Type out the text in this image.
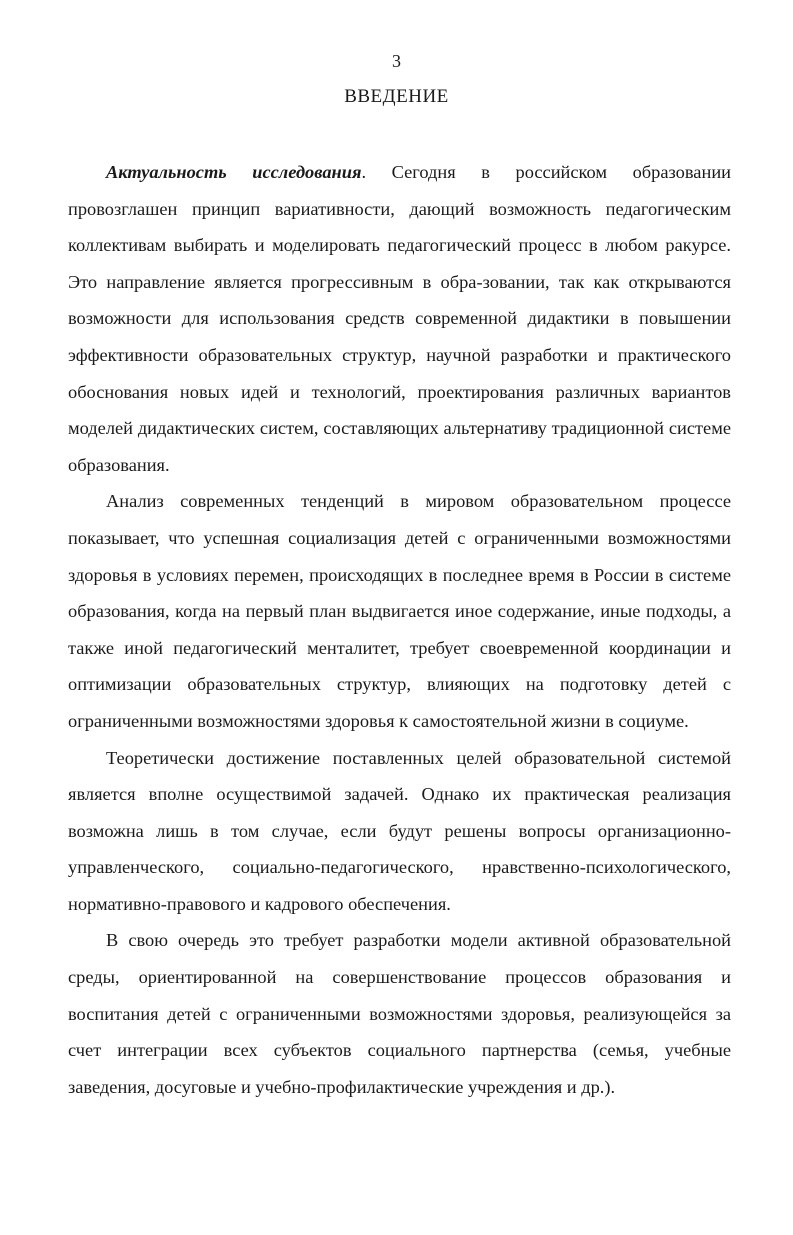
3
ВВЕДЕНИЕ

Актуальность исследования. Сегодня в российском образовании провозглашен принцип вариативности, дающий возможность педагогическим коллективам выбирать и моделировать педагогический процесс в любом ракурсе. Это направление является прогрессивным в обра-зовании, так как открываются возможности для использования средств современной дидактики в повышении эффективности образовательных структур, научной разработки и практического обоснования новых идей и технологий, проектирования различных вариантов моделей дидактических систем, составляющих альтернативу традиционной системе образования.

Анализ современных тенденций в мировом образовательном процессе показывает, что успешная социализация детей с ограниченными возможностями здоровья в условиях перемен, происходящих в последнее время в России в системе образования, когда на первый план выдвигается иное содержание, иные подходы, а также иной педагогический менталитет, требует своевременной координации и оптимизации образовательных структур, влияющих на подготовку детей с ограниченными возможностями здоровья к самостоятельной жизни в социуме.

Теоретически достижение поставленных целей образовательной системой является вполне осуществимой задачей. Однако их практическая реализация возможна лишь в том случае, если будут решены вопросы организационно-управленческого, социально-педагогического, нравственно-психологического, нормативно-правового и кадрового обеспечения.

В свою очередь это требует разработки модели активной образовательной среды, ориентированной на совершенствование процессов образования и воспитания детей с ограниченными возможностями здоровья, реализующейся за счет интеграции всех субъектов социального партнерства (семья, учебные заведения, досуговые и учебно-профилактические учреждения и др.).
